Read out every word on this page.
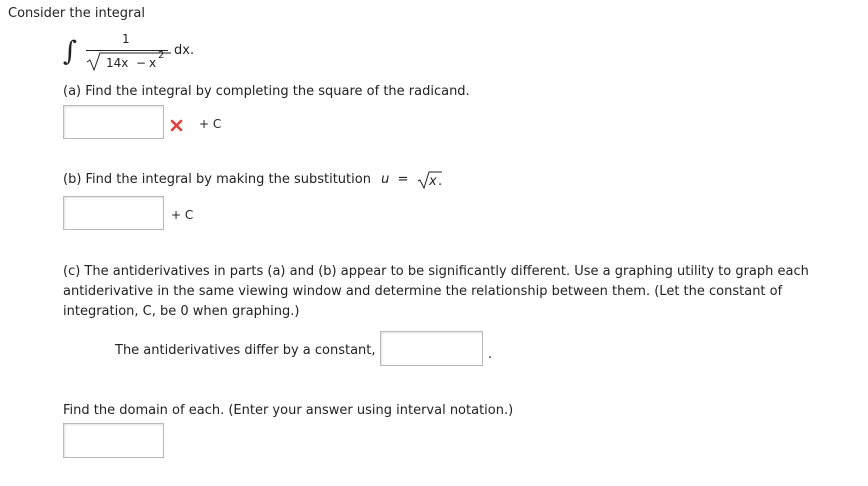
Consider the integral
∫	1
14x − x
2 dx.
(a) Find the integral by completing the square of the radicand.
+ C
(b) Find the integral by making the substitution u = x .
+ C
(c) The antiderivatives in parts (a) and (b) appear to be significantly different. Use a graphing utility to graph each antiderivative in the same viewing window and determine the relationship between them. (Let the constant of integration, C, be 0 when graphing.)
The antiderivatives differ by a constant,	.
Find the domain of each. (Enter your answer using interval notation.)
